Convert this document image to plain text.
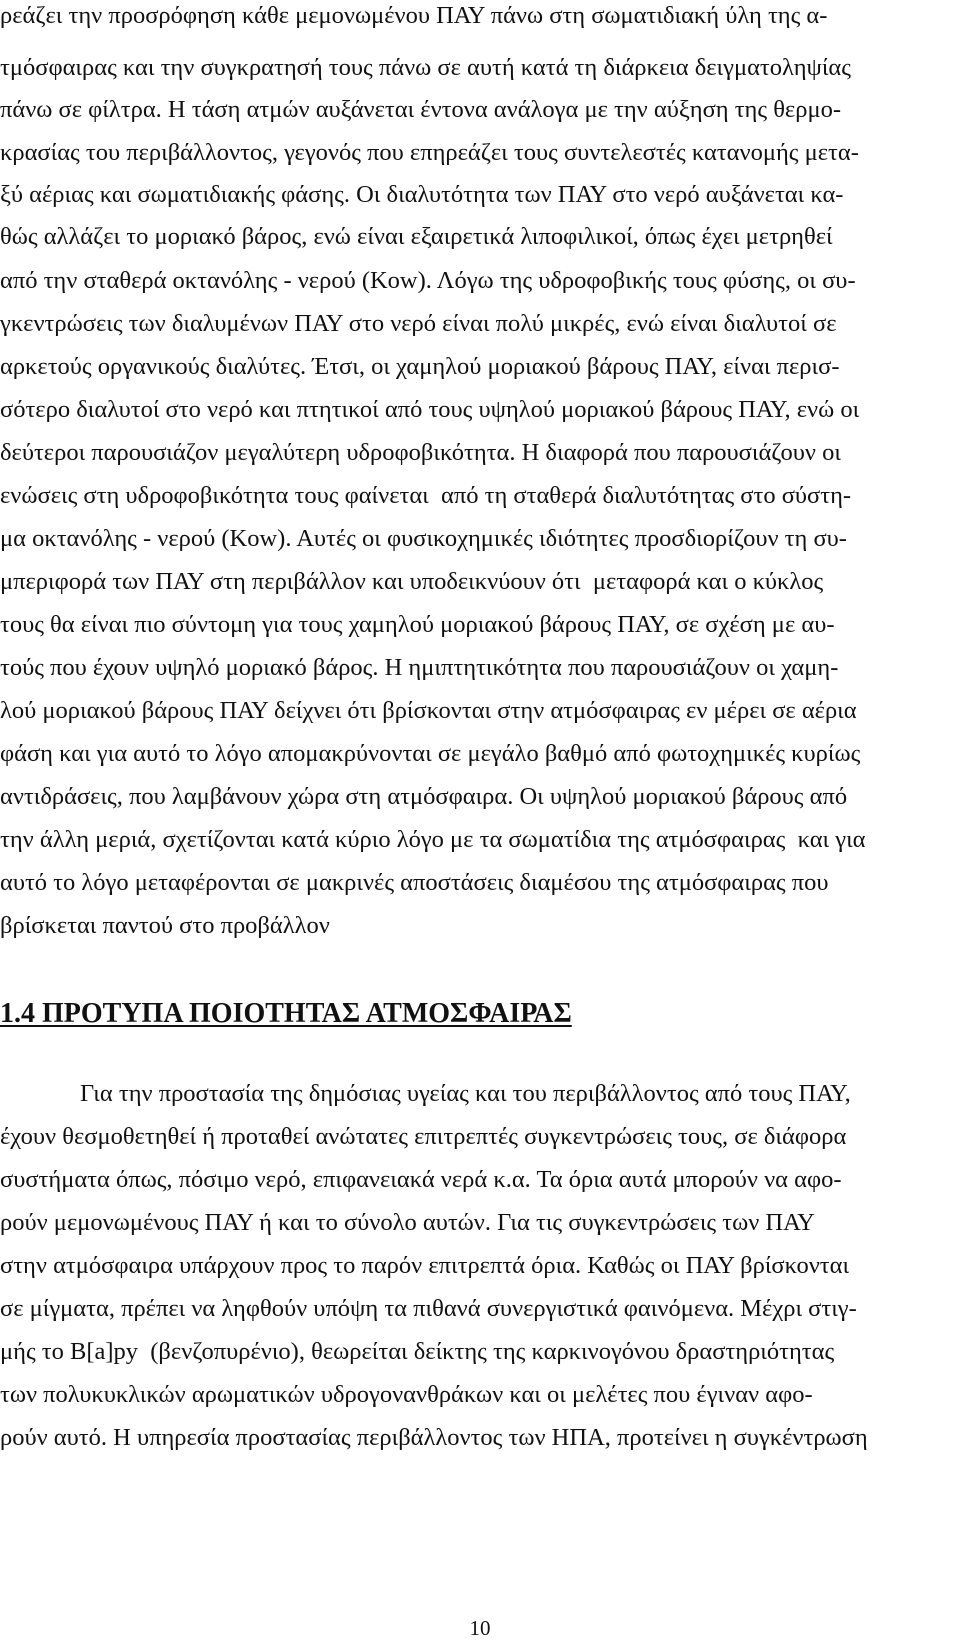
ρεάζει την προσρόφηση κάθε μεμονωμένου ΠΑΥ πάνω στη σωματιδιακή ύλη της α-
τμόσφαιρας και την συγκρατησή τους πάνω σε αυτή κατά τη διάρκεια δειγματοληψίας
πάνω σε φίλτρα. Η τάση ατμών αυξάνεται έντονα ανάλογα με την αύξηση της θερμο-
κρασίας του περιβάλλοντος, γεγονός που επηρεάζει τους συντελεστές κατανομής μετα-
ξύ αέριας και σωματιδιακής φάσης. Οι διαλυτότητα των ΠΑΥ στο νερό αυξάνεται κα-
θώς αλλάζει το μοριακό βάρος, ενώ είναι εξαιρετικά λιποφιλικοί, όπως έχει μετρηθεί
από την σταθερά οκτανόλης - νερού (Kow). Λόγω της υδροφοβικής τους φύσης, οι συ-
γκεντρώσεις των διαλυμένων ΠΑΥ στο νερό είναι πολύ μικρές, ενώ είναι διαλυτοί σε
αρκετούς οργανικούς διαλύτες. Έτσι, οι χαμηλού μοριακού βάρους ΠΑΥ, είναι περισ-
σότερο διαλυτοί στο νερό και πτητικοί από τους υψηλού μοριακού βάρους ΠΑΥ, ενώ οι
δεύτεροι παρουσιάζον μεγαλύτερη υδροφοβικότητα. Η διαφορά που παρουσιάζουν οι
ενώσεις στη υδροφοβικότητα τους φαίνεται  από τη σταθερά διαλυτότητας στο σύστη-
μα οκτανόλης - νερού (Kow). Αυτές οι φυσικοχημικές ιδιότητες προσδιορίζουν τη συ-
μπεριφορά των ΠΑΥ στη περιβάλλον και υποδεικνύουν ότι  μεταφορά και ο κύκλος
τους θα είναι πιο σύντομη για τους χαμηλού μοριακού βάρους ΠΑΥ, σε σχέση με αυ-
τούς που έχουν υψηλό μοριακό βάρος. Η ημιπτητικότητα που παρουσιάζουν οι χαμη-
λού μοριακού βάρους ΠΑΥ δείχνει ότι βρίσκονται στην ατμόσφαιρας εν μέρει σε αέρια
φάση και για αυτό το λόγο απομακρύνονται σε μεγάλο βαθμό από φωτοχημικές κυρίως
αντιδράσεις, που λαμβάνουν χώρα στη ατμόσφαιρα. Οι υψηλού μοριακού βάρους από
την άλλη μεριά, σχετίζονται κατά κύριο λόγο με τα σωματίδια της ατμόσφαιρας  και για
αυτό το λόγο μεταφέρονται σε μακρινές αποστάσεις διαμέσου της ατμόσφαιρας που
βρίσκεται παντού στο προβάλλον
1.4 ΠΡΟΤΥΠΑ ΠΟΙΟΤΗΤΑΣ ΑΤΜΟΣΦΑΙΡΑΣ
Για την προστασία της δημόσιας υγείας και του περιβάλλοντος από τους ΠΑΥ,
έχουν θεσμοθετηθεί ή προταθεί ανώτατες επιτρεπτές συγκεντρώσεις τους, σε διάφορα
συστήματα όπως, πόσιμο νερό, επιφανειακά νερά κ.α. Τα όρια αυτά μπορούν να αφο-
ρούν μεμονωμένους ΠΑΥ ή και το σύνολο αυτών. Για τις συγκεντρώσεις των ΠΑΥ
στην ατμόσφαιρα υπάρχουν προς το παρόν επιτρεπτά όρια. Καθώς οι ΠΑΥ βρίσκονται
σε μίγματα, πρέπει να ληφθούν υπόψη τα πιθανά συνεργιστικά φαινόμενα. Μέχρι στιγ-
μής το B[a]py  (βενζοπυρένιο), θεωρείται δείκτης της καρκινογόνου δραστηριότητας
των πολυκυκλικών αρωματικών υδρογονανθράκων και οι μελέτες που έγιναν αφο-
ρούν αυτό. Η υπηρεσία προστασίας περιβάλλοντος των ΗΠΑ, προτείνει η συγκέντρωση
10
